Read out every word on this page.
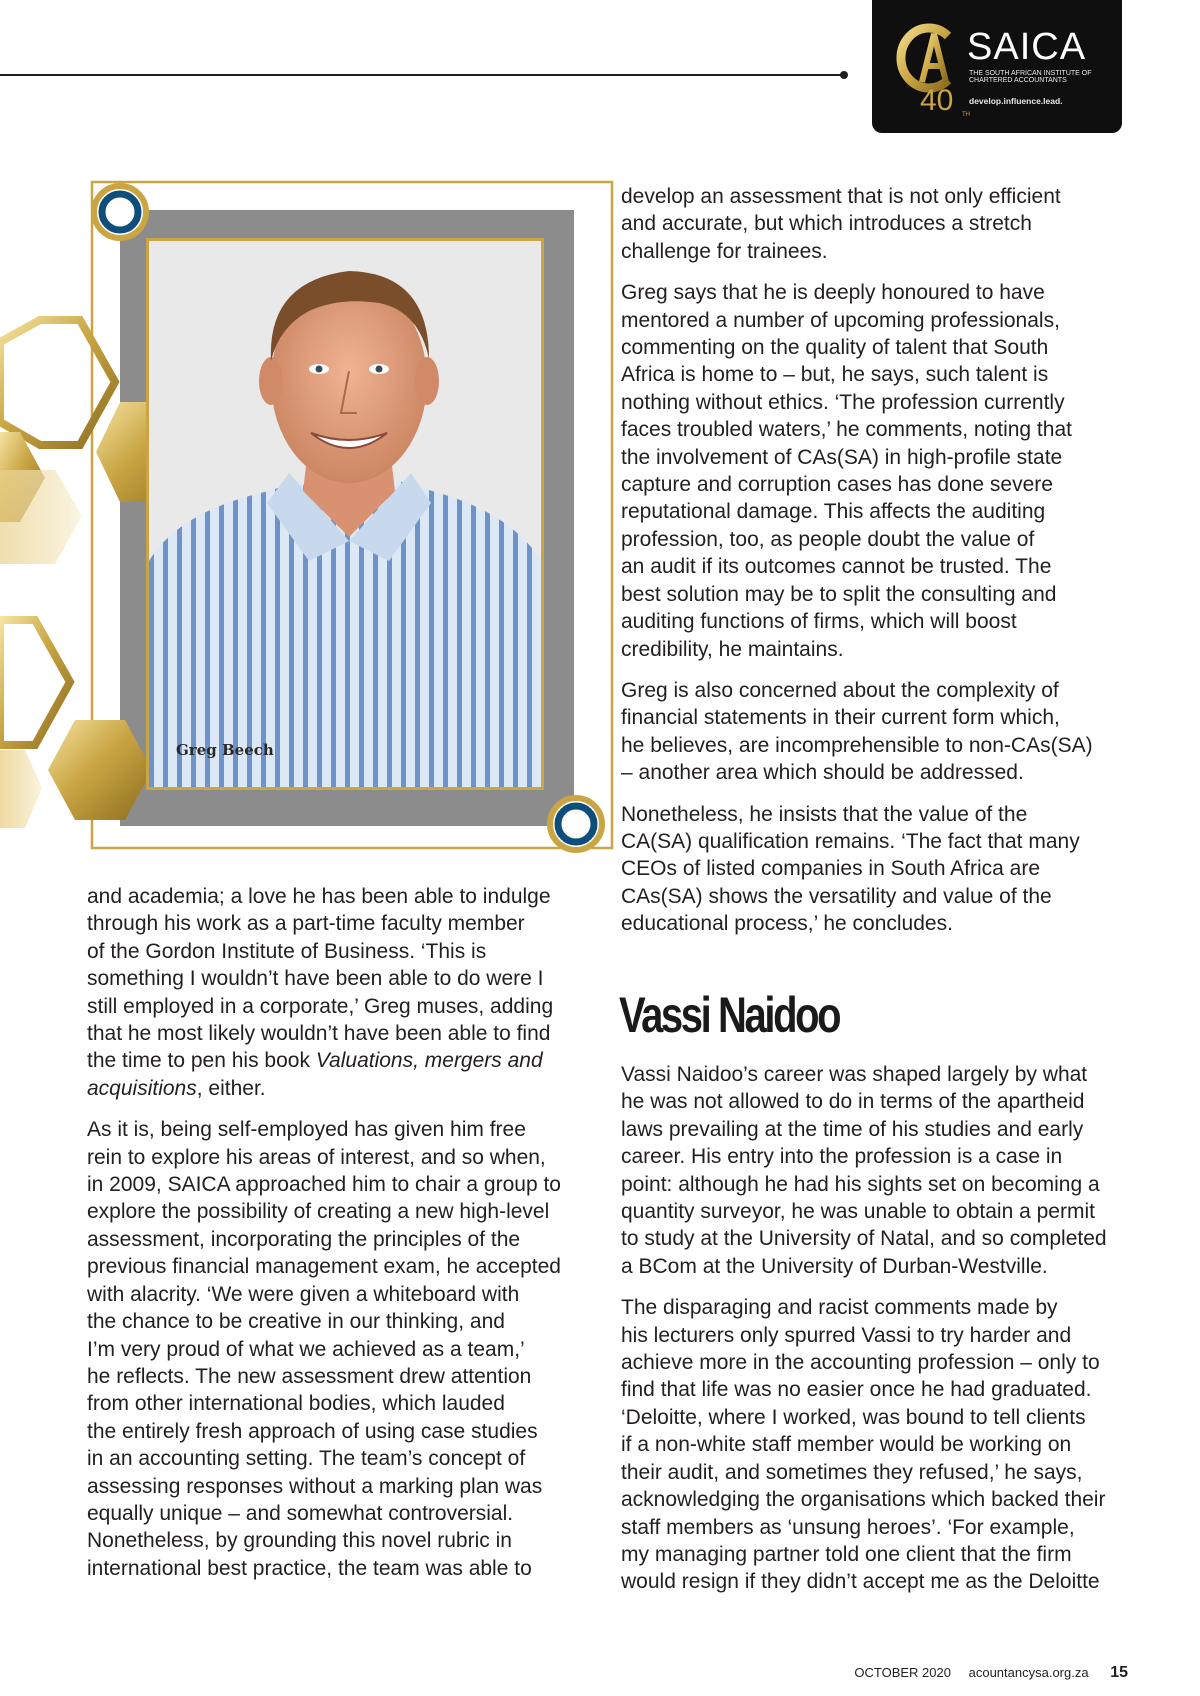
SAICA
THE SOUTH AFRICAN INSTITUTE OF CHARTERED ACCOUNTANTS
develop.influence.lead.
40 TH
Greg Beech

and academia; a love he has been able to indulge
through his work as a part-time faculty member
of the Gordon Institute of Business. ‘This is
something I wouldn’t have been able to do were I
still employed in a corporate,’ Greg muses, adding
that he most likely wouldn’t have been able to find
the time to pen his book Valuations, mergers and
acquisitions, either.

As it is, being self-employed has given him free
rein to explore his areas of interest, and so when,
in 2009, SAICA approached him to chair a group to
explore the possibility of creating a new high-level
assessment, incorporating the principles of the
previous financial management exam, he accepted
with alacrity. ‘We were given a whiteboard with
the chance to be creative in our thinking, and
I’m very proud of what we achieved as a team,’
he reflects. The new assessment drew attention
from other international bodies, which lauded
the entirely fresh approach of using case studies
in an accounting setting. The team’s concept of
assessing responses without a marking plan was
equally unique – and somewhat controversial.
Nonetheless, by grounding this novel rubric in
international best practice, the team was able to

develop an assessment that is not only efficient
and accurate, but which introduces a stretch
challenge for trainees.

Greg says that he is deeply honoured to have
mentored a number of upcoming professionals,
commenting on the quality of talent that South
Africa is home to – but, he says, such talent is
nothing without ethics. ‘The profession currently
faces troubled waters,’ he comments, noting that
the involvement of CAs(SA) in high-profile state
capture and corruption cases has done severe
reputational damage. This affects the auditing
profession, too, as people doubt the value of
an audit if its outcomes cannot be trusted. The
best solution may be to split the consulting and
auditing functions of firms, which will boost
credibility, he maintains.

Greg is also concerned about the complexity of
financial statements in their current form which,
he believes, are incomprehensible to non-CAs(SA)
– another area which should be addressed.

Nonetheless, he insists that the value of the
CA(SA) qualification remains. ‘The fact that many
CEOs of listed companies in South Africa are
CAs(SA) shows the versatility and value of the
educational process,’ he concludes.

Vassi Naidoo

Vassi Naidoo’s career was shaped largely by what
he was not allowed to do in terms of the apartheid
laws prevailing at the time of his studies and early
career. His entry into the profession is a case in
point: although he had his sights set on becoming a
quantity surveyor, he was unable to obtain a permit
to study at the University of Natal, and so completed
a BCom at the University of Durban-Westville.

The disparaging and racist comments made by
his lecturers only spurred Vassi to try harder and
achieve more in the accounting profession – only to
find that life was no easier once he had graduated.
‘Deloitte, where I worked, was bound to tell clients
if a non-white staff member would be working on
their audit, and sometimes they refused,’ he says,
acknowledging the organisations which backed their
staff members as ‘unsung heroes’. ‘For example,
my managing partner told one client that the firm
would resign if they didn’t accept me as the Deloitte

OCTOBER 2020 acountancysa.org.za 15
